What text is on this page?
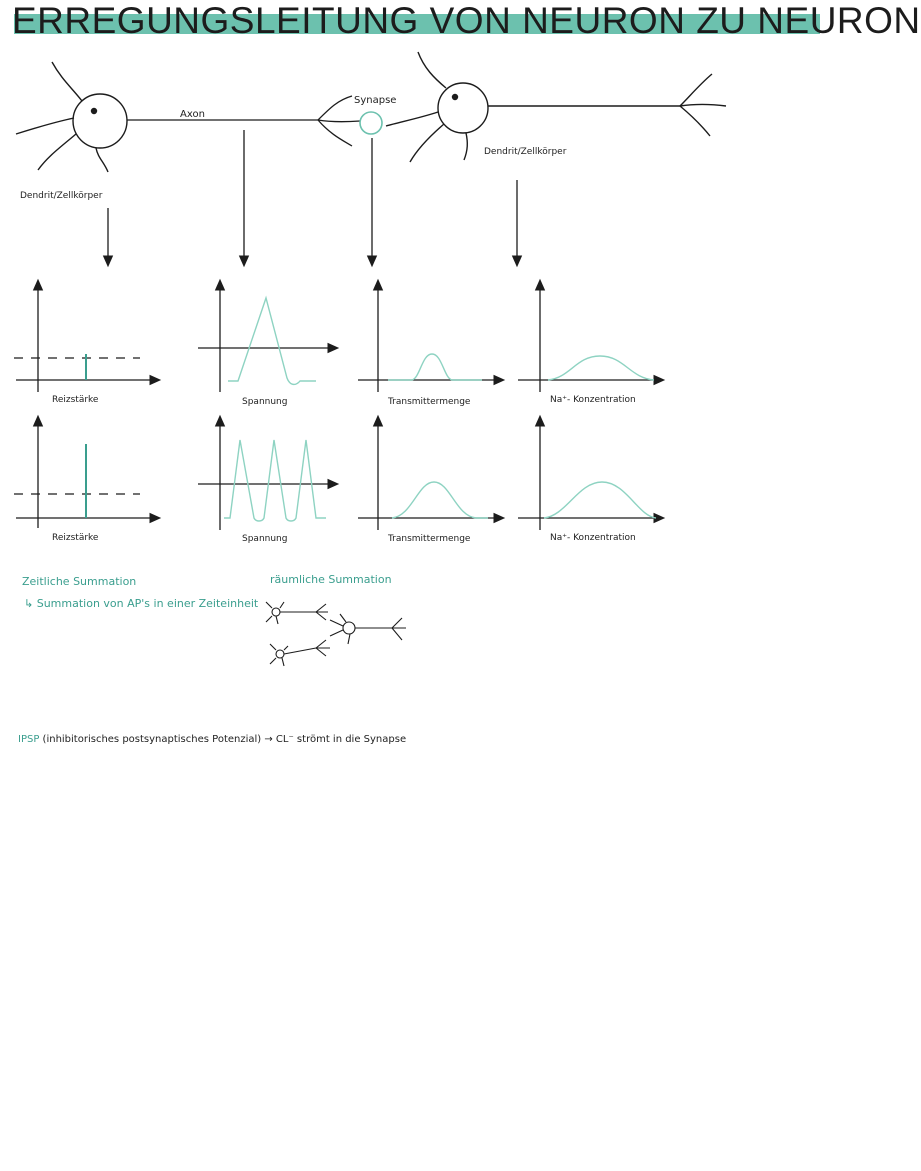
ERREGUNGSLEITUNG VON NEURON ZU NEURON
Axon
Synapse
Dendrit/Zellkörper
Dendrit/Zellkörper
Reizstärke	Spannung	Transmittermenge	Na⁺- Konzentration
Reizstärke	Spannung	Transmittermenge	Na⁺- Konzentration
Zeitliche Summation
↳ Summation von AP's in einer Zeiteinheit
räumliche Summation
IPSP (inhibitorisches postsynaptisches Potenzial) → CL⁻ strömt in die Synapse
